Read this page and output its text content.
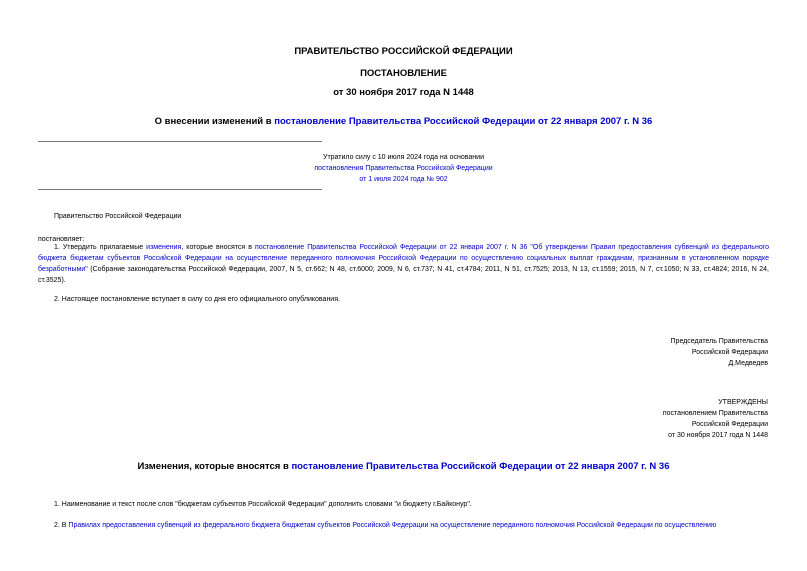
ПРАВИТЕЛЬСТВО РОССИЙСКОЙ ФЕДЕРАЦИИ
ПОСТАНОВЛЕНИЕ
от 30 ноября 2017 года N 1448
О внесении изменений в постановление Правительства Российской Федерации от 22 января 2007 г. N 36
Утратило силу с 10 июля 2024 года на основании
постановления Правительства Российской Федерации
от 1 июля 2024 года № 902
Правительство Российской Федерации
постановляет:
1. Утвердить прилагаемые изменения, которые вносятся в постановление Правительства Российской Федерации от 22 января 2007 г. N 36 "Об утверждении Правил предоставления субвенций из федерального бюджета бюджетам субъектов Российской Федерации на осуществление переданного полномочия Российской Федерации по осуществлению социальных выплат гражданам, признанным в установленном порядке безработными" (Собрание законодательства Российской Федерации, 2007, N 5, ст.662; N 48, ст.6000; 2009, N 6, ст.737; N 41, ст.4784; 2011, N 51, ст.7525; 2013, N 13, ст.1559; 2015, N 7, ст.1050; N 33, ст.4824; 2016, N 24, ст.3525).
2. Настоящее постановление вступает в силу со дня его официального опубликования.
Председатель Правительства
Российской Федерации
Д.Медведев
УТВЕРЖДЕНЫ
постановлением Правительства
Российской Федерации
от 30 ноября 2017 года N 1448
Изменения, которые вносятся в постановление Правительства Российской Федерации от 22 января 2007 г. N 36
1. Наименование и текст после слов "бюджетам субъектов Российской Федерации" дополнить словами "и бюджету г.Байконур".
2. В Правилах предоставления субвенций из федерального бюджета бюджетам субъектов Российской Федерации на осуществление переданного полномочия Российской Федерации по осуществлению
